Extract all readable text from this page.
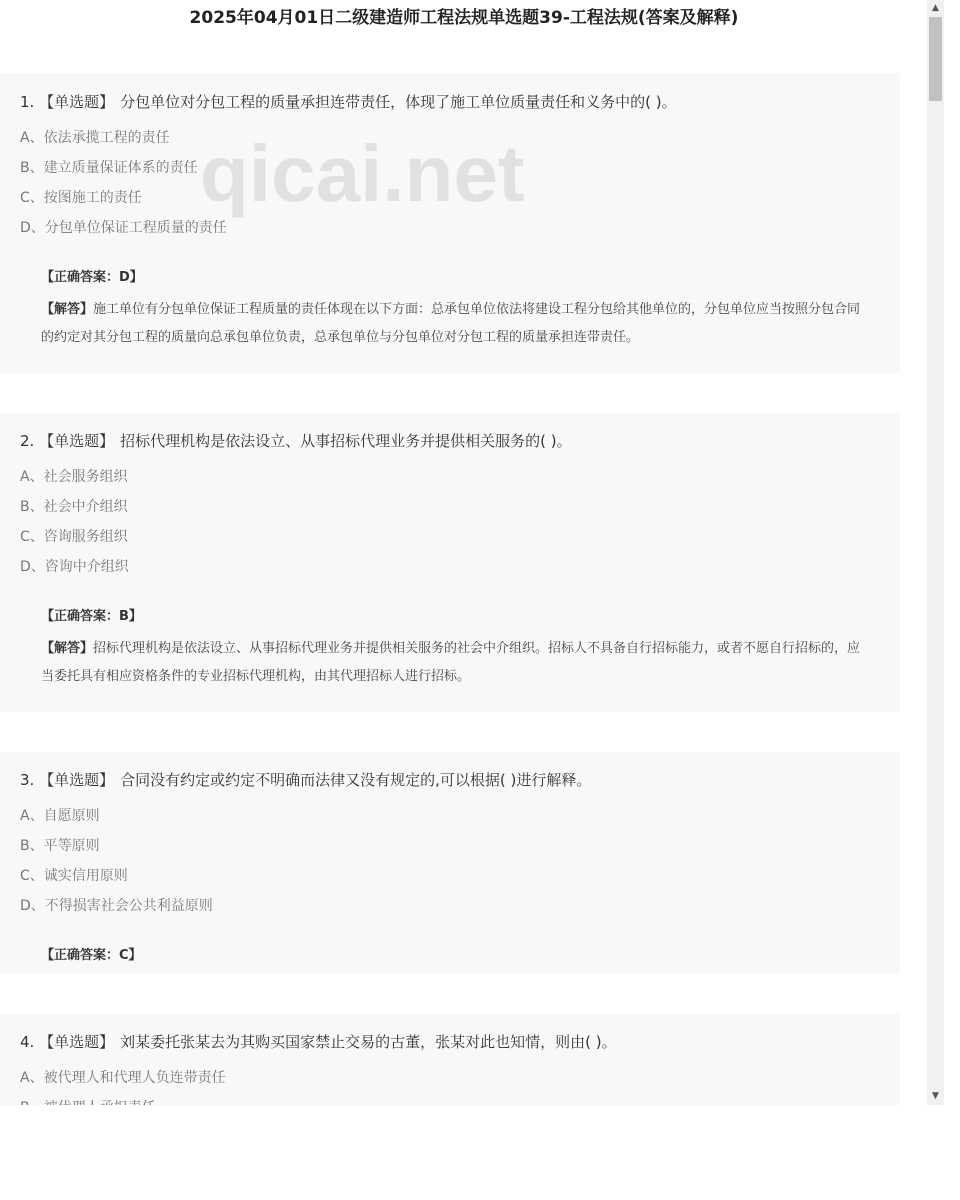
2025年04月01日二级建造师工程法规单选题39-工程法规(答案及解释)
1. 【单选题】 分包单位对分包工程的质量承担连带责任，体现了施工单位质量责任和义务中的( )。
A、依法承揽工程的责任
B、建立质量保证体系的责任
C、按图施工的责任
D、分包单位保证工程质量的责任
【正确答案：D】
【解答】施工单位有分包单位保证工程质量的责任体现在以下方面：总承包单位依法将建设工程分包给其他单位的，分包单位应当按照分包合同的约定对其分包工程的质量向总承包单位负责，总承包单位与分包单位对分包工程的质量承担连带责任。
2. 【单选题】 招标代理机构是依法设立、从事招标代理业务并提供相关服务的( )。
A、社会服务组织
B、社会中介组织
C、咨询服务组织
D、咨询中介组织
【正确答案：B】
【解答】招标代理机构是依法设立、从事招标代理业务并提供相关服务的社会中介组织。招标人不具备自行招标能力，或者不愿自行招标的，应当委托具有相应资格条件的专业招标代理机构，由其代理招标人进行招标。
3. 【单选题】 合同没有约定或约定不明确而法律又没有规定的,可以根据( )进行解释。
A、自愿原则
B、平等原则
C、诚实信用原则
D、不得损害社会公共利益原则
【正确答案：C】
4. 【单选题】 刘某委托张某去为其购买国家禁止交易的古董，张某对此也知情，则由( )。
A、被代理人和代理人负连带责任
▲
▼
